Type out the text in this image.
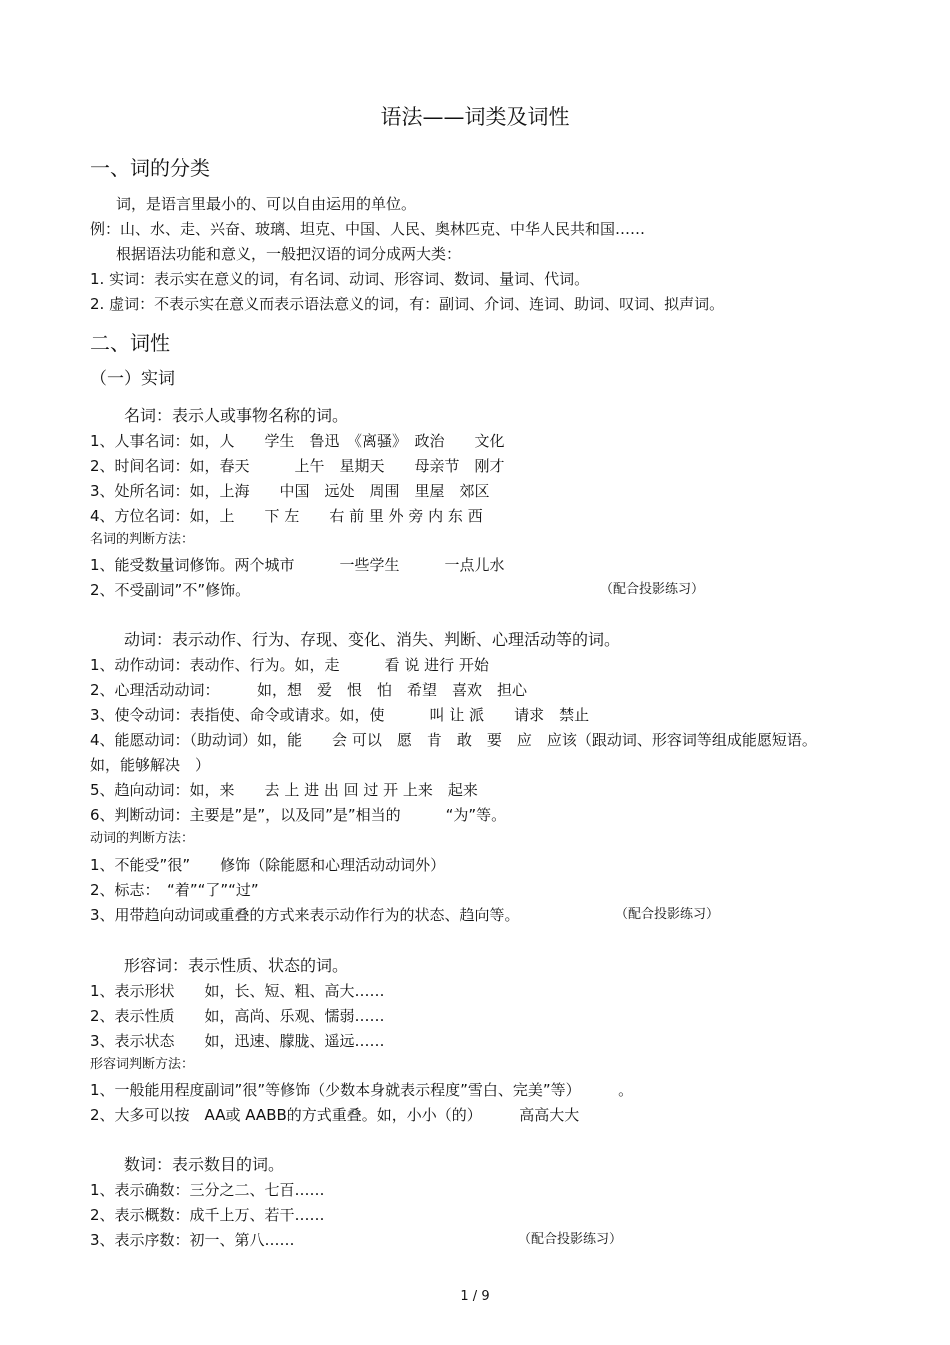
语法——词类及词性
一、词的分类
词，是语言里最小的、可以自由运用的单位。
例：山、水、走、兴奋、玻璃、坦克、中国、人民、奥林匹克、中华人民共和国……
根据语法功能和意义，一般把汉语的词分成两大类：
1. 实词：表示实在意义的词，有名词、动词、形容词、数词、量词、代词。
2. 虚词：不表示实在意义而表示语法意义的词，有：副词、介词、连词、助词、叹词、拟声词。
二、词性
（一）实词
名词：表示人或事物名称的词。
1、人事名词：如，人　　学生　鲁迅　《离骚》　政治　　文化
2、时间名词：如，春天　　　上午　星期天　　母亲节　刚才
3、处所名词：如，上海　　中国　远处　周围　里屋　郊区
4、方位名词：如，上　　下 左　　右 前 里 外 旁 内 东 西
名词的判断方法：
1、能受数量词修饰。两个城市　　　一些学生　　　一点儿水
2、不受副词”不”修饰。	（配合投影练习）
动词：表示动作、行为、存现、变化、消失、判断、心理活动等的词。
1、动作动词：表动作、行为。如，走　　　看 说 进行 开始
2、心理活动动词：　　　如，想　爱　恨　怕　希望　喜欢　担心
3、使令动词：表指使、命令或请求。如，使　　　叫 让 派　　请求　禁止
4、能愿动词：（助动词）如，能　　会 可以　愿　肯　敢　要　应　应该（跟动词、形容词等组成能愿短语。
如，能够解决　）
5、趋向动词：如，来　　去 上 进 出 回 过 开 上来　起来
6、判断动词：主要是”是”，以及同”是”相当的　　　“为”等。
动词的判断方法：
1、不能受”很”　　修饰（除能愿和心理活动动词外）
2、标志：　“着”“了”“过”
3、用带趋向动词或重叠的方式来表示动作行为的状态、趋向等。	（配合投影练习）
形容词：表示性质、状态的词。
1、表示形状　　如，长、短、粗、高大……
2、表示性质　　如，高尚、乐观、懦弱……
3、表示状态　　如，迅速、朦胧、遥远……
形容词判断方法：
1、一般能用程度副词”很”等修饰（少数本身就表示程度”雪白、完美”等）　　　。
2、大多可以按　AA或 AABB的方式重叠。如，小小（的）　　　高高大大
数词：表示数目的词。
1、表示确数：三分之二、七百……
2、表示概数：成千上万、若干……
3、表示序数：初一、第八……	（配合投影练习）
1 / 9
